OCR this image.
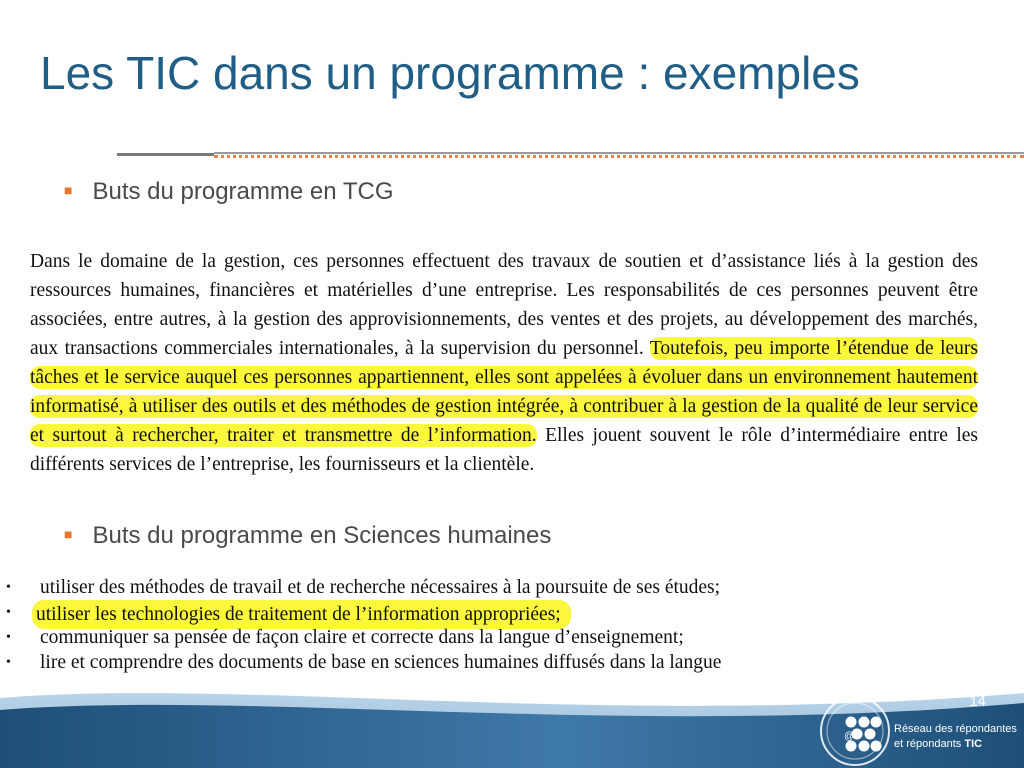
Les TIC dans un programme : exemples
■ Buts du programme en TCG
Dans le domaine de la gestion, ces personnes effectuent des travaux de soutien et d’assistance liés à la gestion des ressources humaines, financières et matérielles d’une entreprise. Les responsabilités de ces personnes peuvent être associées, entre autres, à la gestion des approvisionnements, des ventes et des projets, au développement des marchés, aux transactions commerciales internationales, à la supervision du personnel. Toutefois, peu importe l’étendue de leurs tâches et le service auquel ces personnes appartiennent, elles sont appelées à évoluer dans un environnement hautement informatisé, à utiliser des outils et des méthodes de gestion intégrée, à contribuer à la gestion de la qualité de leur service et surtout à rechercher, traiter et transmettre de l’information. Elles jouent souvent le rôle d’intermédiaire entre les différents services de l’entreprise, les fournisseurs et la clientèle.
■ Buts du programme en Sciences humaines
• utiliser des méthodes de travail et de recherche nécessaires à la poursuite de ses études;
• utiliser les technologies de traitement de l’information appropriées;
• communiquer sa pensée de façon claire et correcte dans la langue d’enseignement;
• lire et comprendre des documents de base en sciences humaines diffusés dans la langue
@
Réseau des répondantes
et répondants TIC
14
